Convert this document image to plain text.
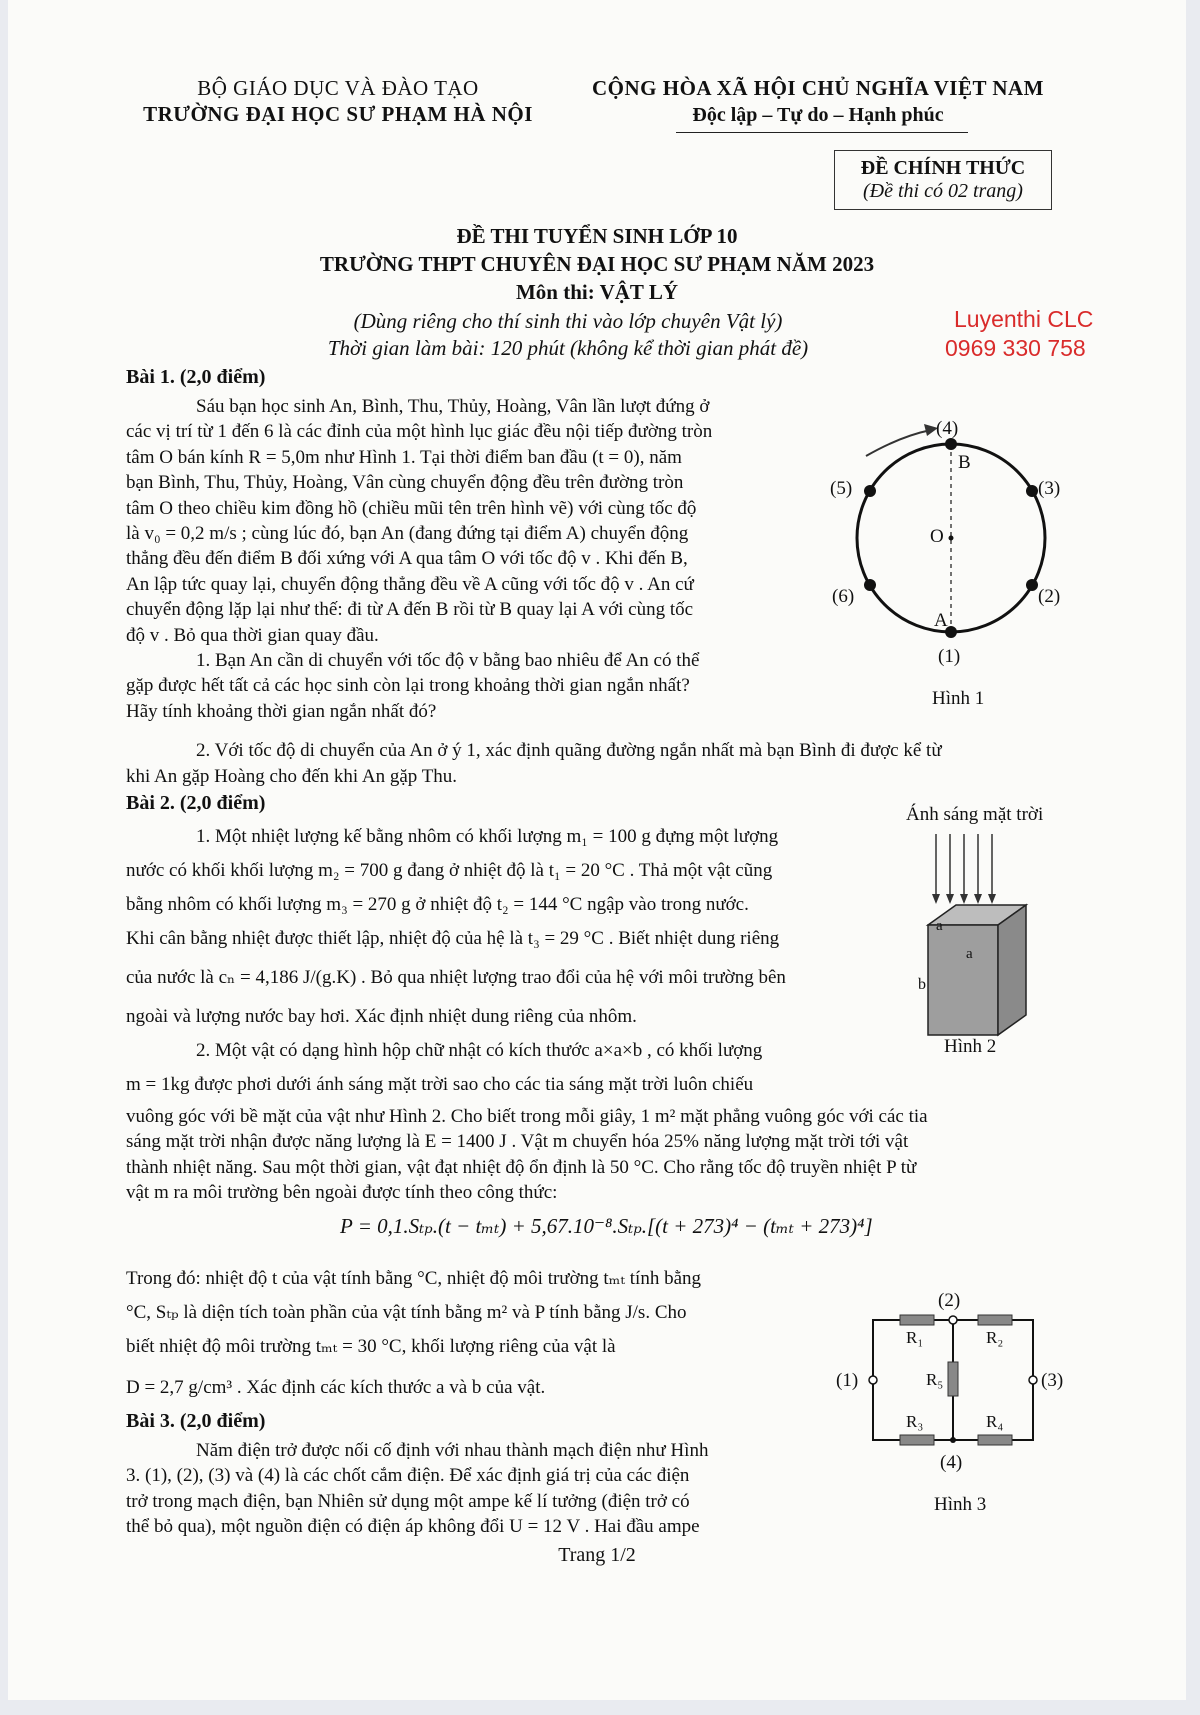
BỘ GIÁO DỤC VÀ ĐÀO TẠO
TRƯỜNG ĐẠI HỌC SƯ PHẠM HÀ NỘI
CỘNG HÒA XÃ HỘI CHỦ NGHĨA VIỆT NAM
Độc lập – Tự do – Hạnh phúc
ĐỀ CHÍNH THỨC
(Đề thi có 02 trang)
ĐỀ THI TUYỂN SINH LỚP 10
TRƯỜNG THPT CHUYÊN ĐẠI HỌC SƯ PHẠM NĂM 2023
Môn thi: VẬT LÝ
(Dùng riêng cho thí sinh thi vào lớp chuyên Vật lý)
Thời gian làm bài: 120 phút (không kể thời gian phát đề)
Luyenthi CLC
0969 330 758
Bài 1. (2,0 điểm)
Sáu bạn học sinh An, Bình, Thu, Thủy, Hoàng, Vân lần lượt đứng ở
các vị trí từ 1 đến 6 là các đỉnh của một hình lục giác đều nội tiếp đường tròn
tâm O bán kính R = 5,0m như Hình 1. Tại thời điểm ban đầu (t = 0), năm
bạn Bình, Thu, Thủy, Hoàng, Vân cùng chuyển động đều trên đường tròn
tâm O theo chiều kim đồng hồ (chiều mũi tên trên hình vẽ) với cùng tốc độ
là v₀ = 0,2 m/s ; cùng lúc đó, bạn An (đang đứng tại điểm A) chuyển động
thẳng đều đến điểm B đối xứng với A qua tâm O với tốc độ v . Khi đến B,
An lập tức quay lại, chuyển động thẳng đều về A cũng với tốc độ v . An cứ
chuyển động lặp lại như thế: đi từ A đến B rồi từ B quay lại A với cùng tốc
độ v . Bỏ qua thời gian quay đầu.
1. Bạn An cần di chuyển với tốc độ v bằng bao nhiêu để An có thể
gặp được hết tất cả các học sinh còn lại trong khoảng thời gian ngắn nhất?
Hãy tính khoảng thời gian ngắn nhất đó?
2. Với tốc độ di chuyển của An ở ý 1, xác định quãng đường ngắn nhất mà bạn Bình đi được kể từ
khi An gặp Hoàng cho đến khi An gặp Thu.
(4)
B
(3)
(5)
O
(2)
(6)
A
(1)
Hình 1
Bài 2. (2,0 điểm)
1. Một nhiệt lượng kế bằng nhôm có khối lượng m₁ = 100 g đựng một lượng
nước có khối khối lượng m₂ = 700 g đang ở nhiệt độ là t₁ = 20 °C . Thả một vật cũng
bằng nhôm có khối lượng m₃ = 270 g ở nhiệt độ t₂ = 144 °C ngập vào trong nước.
Khi cân bằng nhiệt được thiết lập, nhiệt độ của hệ là t₃ = 29 °C . Biết nhiệt dung riêng
của nước là cₙ = 4,186 J/(g.K) . Bỏ qua nhiệt lượng trao đổi của hệ với môi trường bên
ngoài và lượng nước bay hơi. Xác định nhiệt dung riêng của nhôm.
2. Một vật có dạng hình hộp chữ nhật có kích thước a×a×b , có khối lượng
m = 1kg được phơi dưới ánh sáng mặt trời sao cho các tia sáng mặt trời luôn chiếu
vuông góc với bề mặt của vật như Hình 2. Cho biết trong mỗi giây, 1 m² mặt phẳng vuông góc với các tia
sáng mặt trời nhận được năng lượng là E = 1400 J . Vật m chuyển hóa 25% năng lượng mặt trời tới vật
thành nhiệt năng. Sau một thời gian, vật đạt nhiệt độ ổn định là 50 °C. Cho rằng tốc độ truyền nhiệt P từ
vật m ra môi trường bên ngoài được tính theo công thức:
P = 0,1.Sₜₚ.(t − tₘₜ) + 5,67.10⁻⁸.Sₜₚ.[(t + 273)⁴ − (tₘₜ + 273)⁴]
Trong đó: nhiệt độ t của vật tính bằng °C, nhiệt độ môi trường tₘₜ tính bằng
°C, Sₜₚ là diện tích toàn phần của vật tính bằng m² và P tính bằng J/s. Cho
biết nhiệt độ môi trường tₘₜ = 30 °C, khối lượng riêng của vật là
D = 2,7 g/cm³ . Xác định các kích thước a và b của vật.
Ánh sáng mặt trời
a
a
b
Hình 2
Bài 3. (2,0 điểm)
Năm điện trở được nối cố định với nhau thành mạch điện như Hình
3. (1), (2), (3) và (4) là các chốt cắm điện. Để xác định giá trị của các điện
trở trong mạch điện, bạn Nhiên sử dụng một ampe kế lí tưởng (điện trở có
thể bỏ qua), một nguồn điện có điện áp không đổi U = 12 V . Hai đầu ampe
(2)
R₁	R₂
(1)	R₅	(3)
R₃	R₄
(4)
Hình 3
Trang 1/2
